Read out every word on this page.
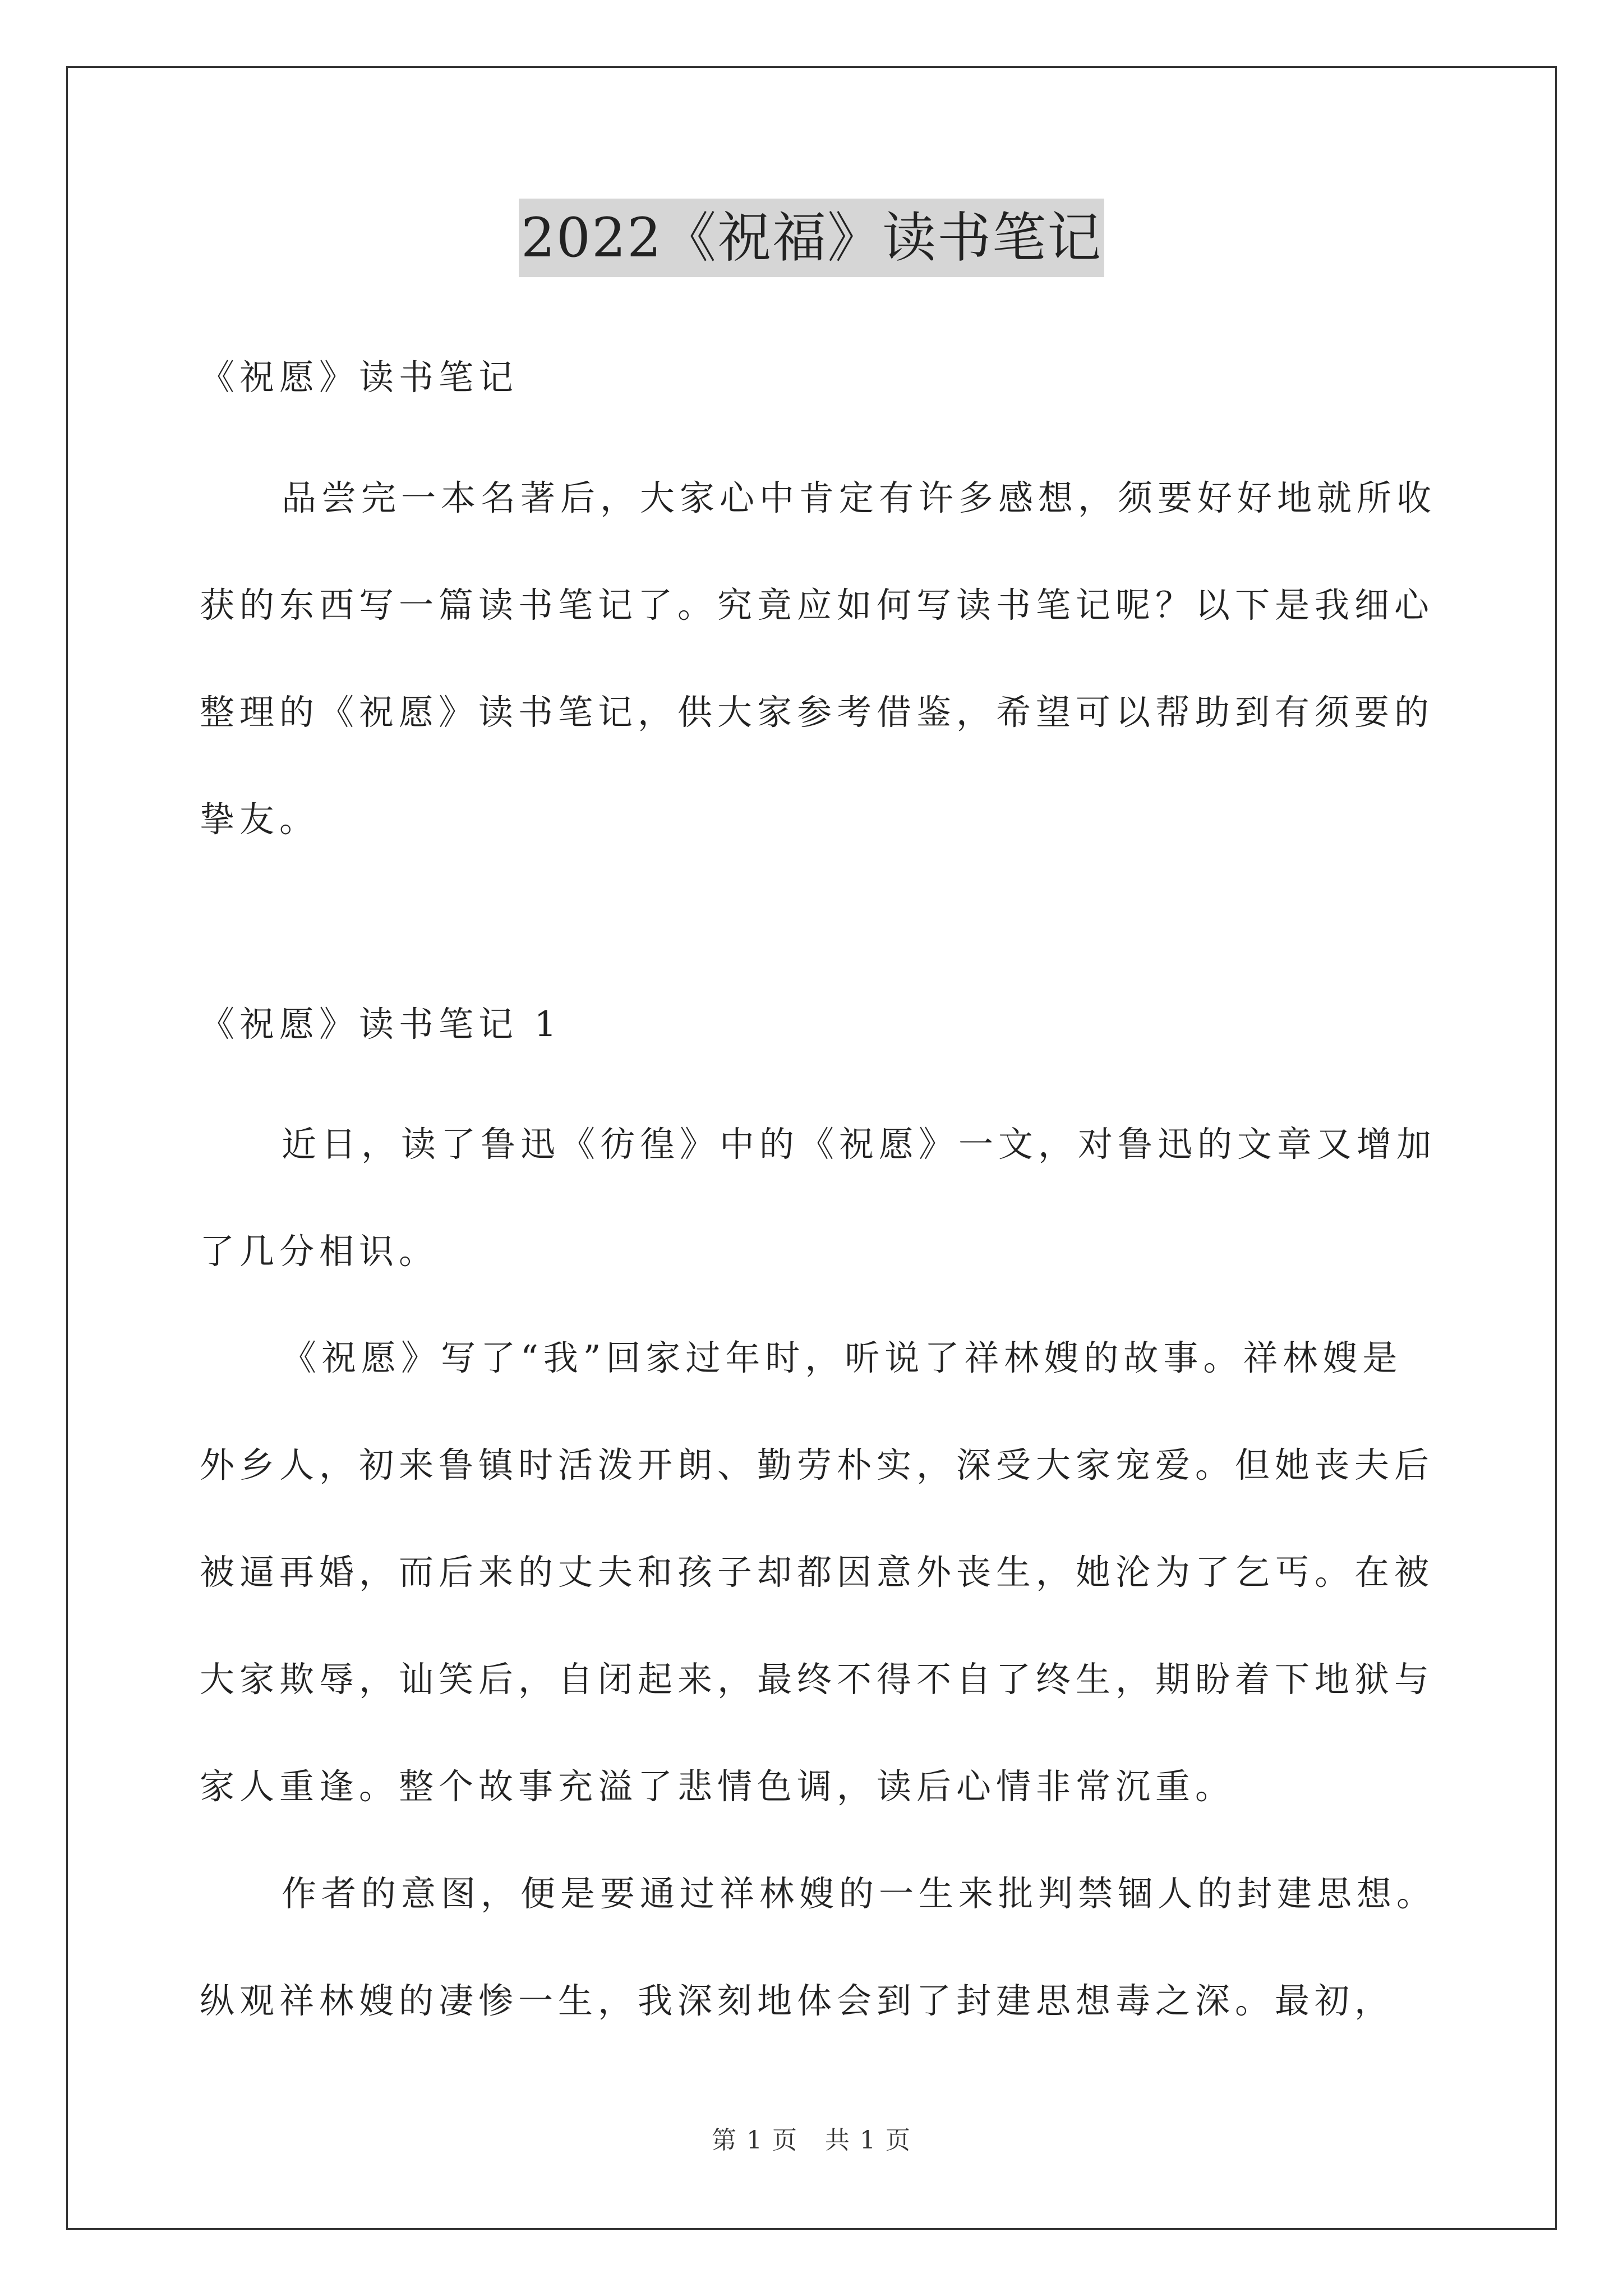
2022《祝福》读书笔记
《祝愿》读书笔记

品尝完一本名著后，大家心中肯定有许多感想，须要好好地就所收获的东西写一篇读书笔记了。究竟应如何写读书笔记呢？以下是我细心整理的《祝愿》读书笔记，供大家参考借鉴，希望可以帮助到有须要的挚友。

《祝愿》读书笔记 1

近日，读了鲁迅《彷徨》中的《祝愿》一文，对鲁迅的文章又增加了几分相识。

《祝愿》写了“我”回家过年时，听说了祥林嫂的故事。祥林嫂是外乡人，初来鲁镇时活泼开朗、勤劳朴实，深受大家宠爱。但她丧夫后被逼再婚，而后来的丈夫和孩子却都因意外丧生，她沦为了乞丐。在被大家欺辱，讪笑后，自闭起来，最终不得不自了终生，期盼着下地狱与家人重逢。整个故事充溢了悲情色调，读后心情非常沉重。

作者的意图，便是要通过祥林嫂的一生来批判禁锢人的封建思想。纵观祥林嫂的凄惨一生，我深刻地体会到了封建思想毒之深。最初，

第 1 页 共 1 页
